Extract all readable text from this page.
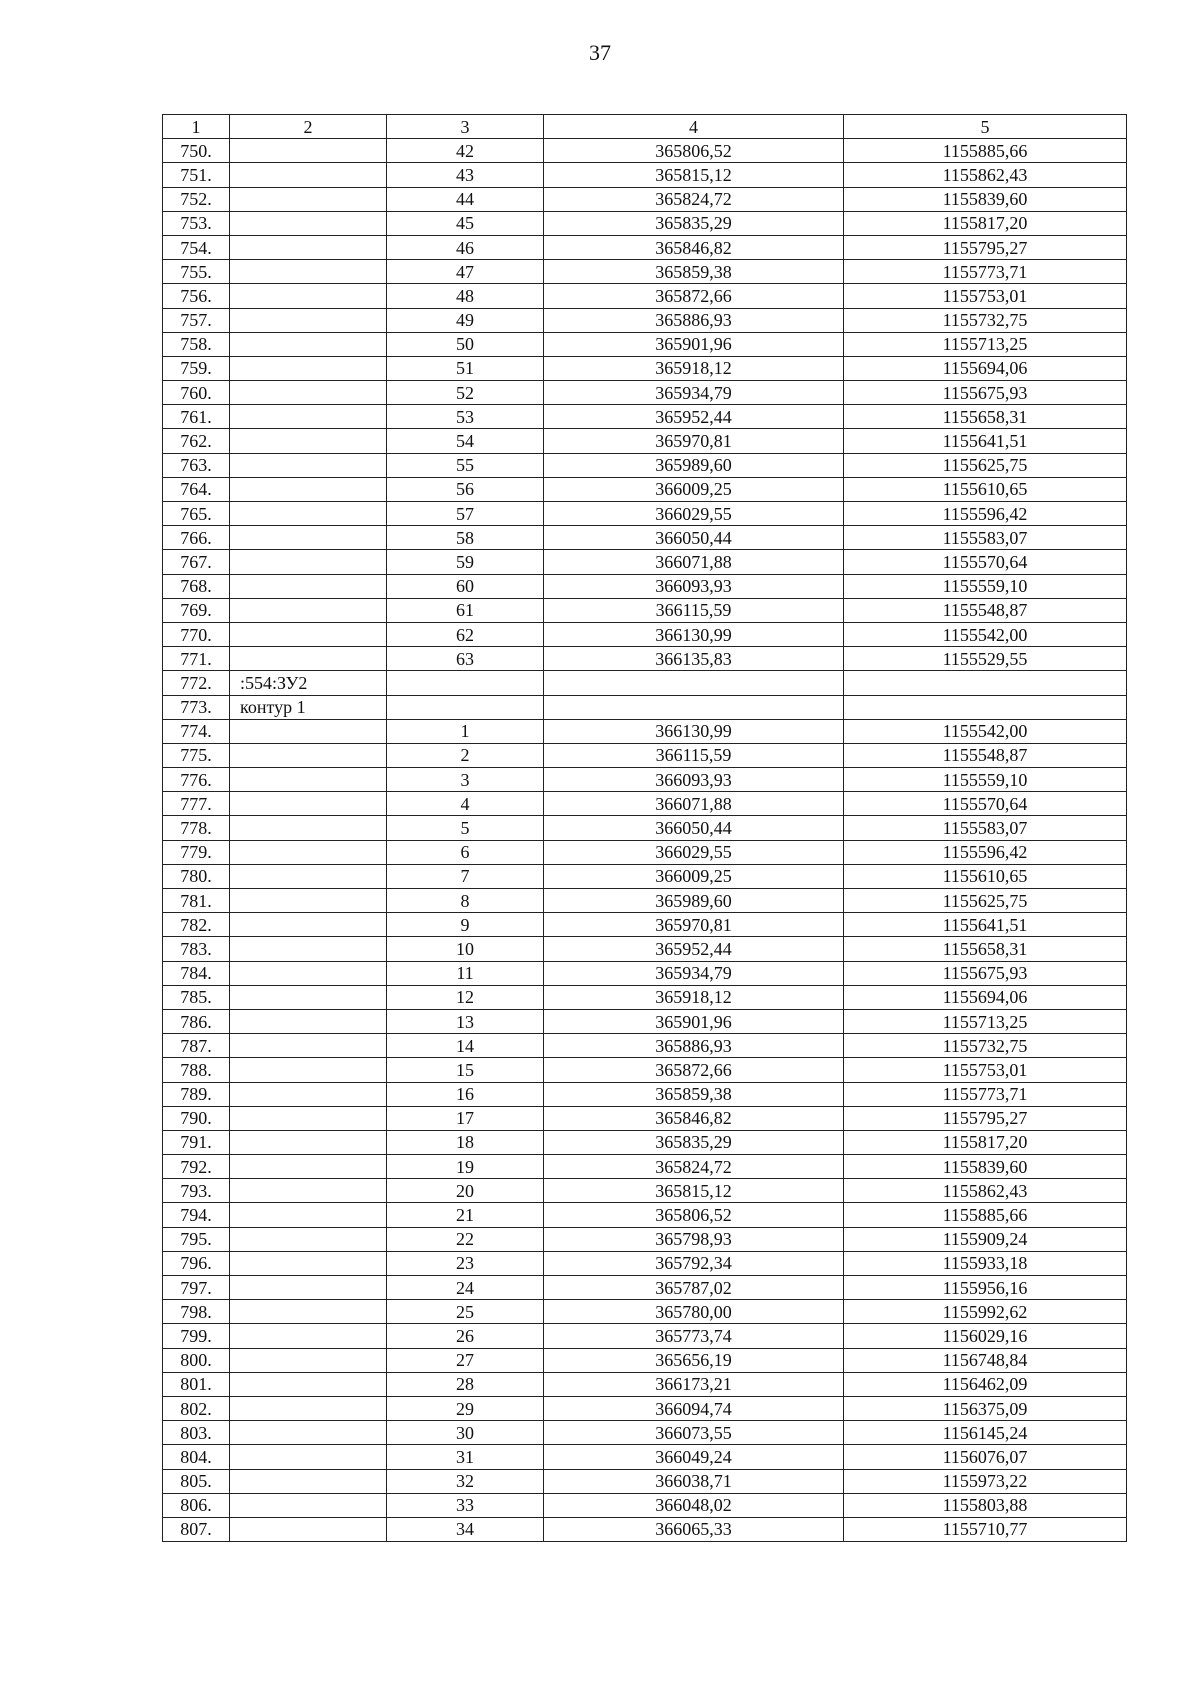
37
1	2	3	4	5
750.		42	365806,52	1155885,66
751.		43	365815,12	1155862,43
752.		44	365824,72	1155839,60
753.		45	365835,29	1155817,20
754.		46	365846,82	1155795,27
755.		47	365859,38	1155773,71
756.		48	365872,66	1155753,01
757.		49	365886,93	1155732,75
758.		50	365901,96	1155713,25
759.		51	365918,12	1155694,06
760.		52	365934,79	1155675,93
761.		53	365952,44	1155658,31
762.		54	365970,81	1155641,51
763.		55	365989,60	1155625,75
764.		56	366009,25	1155610,65
765.		57	366029,55	1155596,42
766.		58	366050,44	1155583,07
767.		59	366071,88	1155570,64
768.		60	366093,93	1155559,10
769.		61	366115,59	1155548,87
770.		62	366130,99	1155542,00
771.		63	366135,83	1155529,55
772.	:554:ЗУ2			
773.	контур 1			
774.		1	366130,99	1155542,00
775.		2	366115,59	1155548,87
776.		3	366093,93	1155559,10
777.		4	366071,88	1155570,64
778.		5	366050,44	1155583,07
779.		6	366029,55	1155596,42
780.		7	366009,25	1155610,65
781.		8	365989,60	1155625,75
782.		9	365970,81	1155641,51
783.		10	365952,44	1155658,31
784.		11	365934,79	1155675,93
785.		12	365918,12	1155694,06
786.		13	365901,96	1155713,25
787.		14	365886,93	1155732,75
788.		15	365872,66	1155753,01
789.		16	365859,38	1155773,71
790.		17	365846,82	1155795,27
791.		18	365835,29	1155817,20
792.		19	365824,72	1155839,60
793.		20	365815,12	1155862,43
794.		21	365806,52	1155885,66
795.		22	365798,93	1155909,24
796.		23	365792,34	1155933,18
797.		24	365787,02	1155956,16
798.		25	365780,00	1155992,62
799.		26	365773,74	1156029,16
800.		27	365656,19	1156748,84
801.		28	366173,21	1156462,09
802.		29	366094,74	1156375,09
803.		30	366073,55	1156145,24
804.		31	366049,24	1156076,07
805.		32	366038,71	1155973,22
806.		33	366048,02	1155803,88
807.		34	366065,33	1155710,77
